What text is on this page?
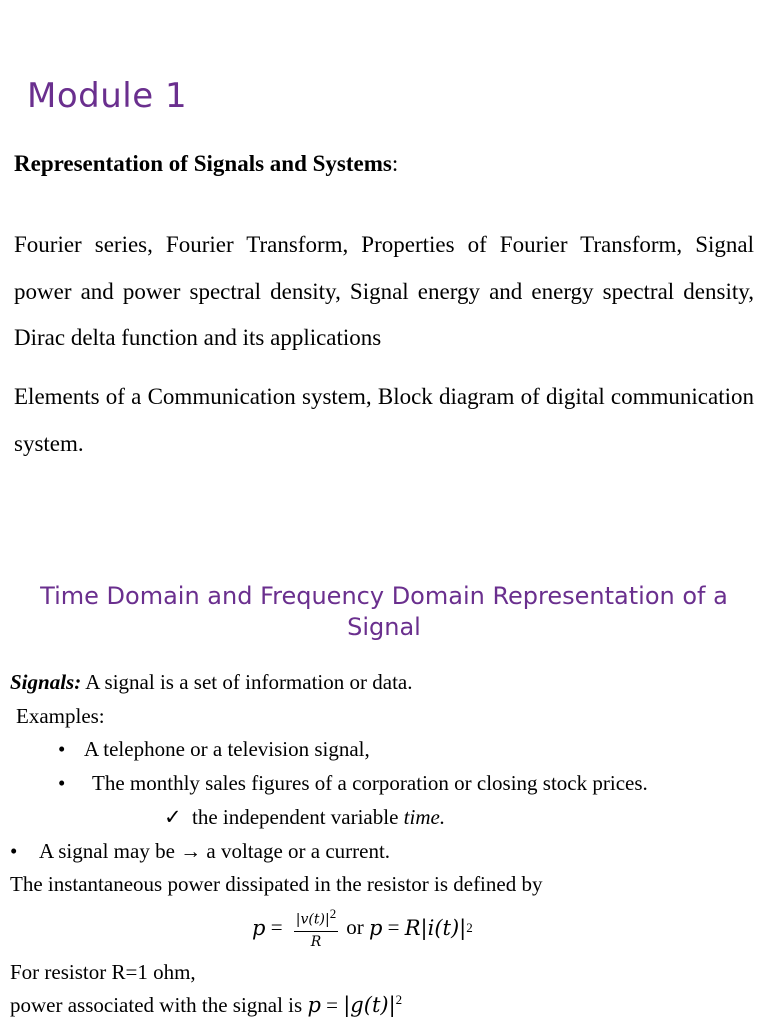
Module 1

Representation of Signals and Systems:

Fourier series, Fourier Transform, Properties of Fourier Transform, Signal power and power spectral density, Signal energy and energy spectral density, Dirac delta function and its applications

Elements of a Communication system, Block diagram of digital communication system.

Time Domain and Frequency Domain Representation of a Signal

Signals: A signal is a set of information or data.

Examples:

• A telephone or a television signal,

• The monthly sales figures of a corporation or closing stock prices.

✓ the independent variable time.

• A signal may be → a voltage or a current.

The instantaneous power dissipated in the resistor is defined by

$p = \frac{|v(t)|^2}{R}$ or p = R|i(t)| 2

For resistor R=1 ohm,

power associated with the signal is $p = |g(t)|^2$
